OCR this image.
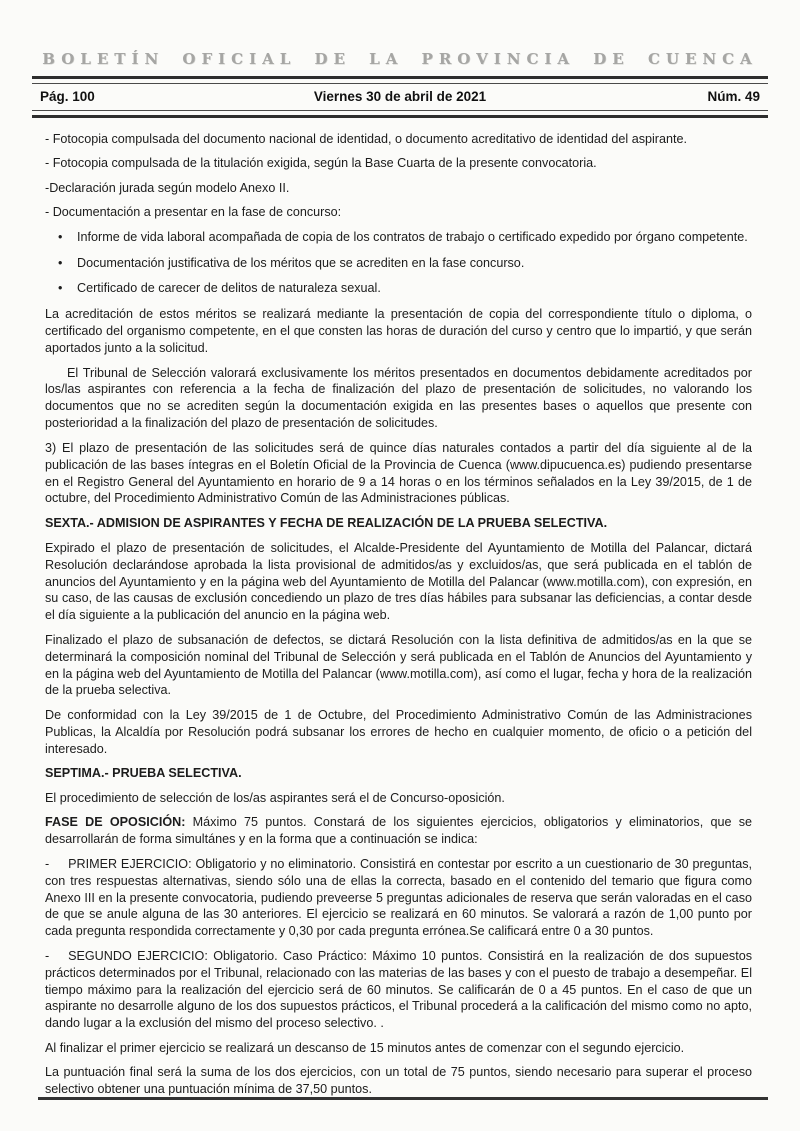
BOLETÍN OFICIAL DE LA PROVINCIA DE CUENCA
Pág. 100	Viernes 30 de abril de 2021	Núm. 49

- Fotocopia compulsada del documento nacional de identidad, o documento acreditativo de identidad del aspirante.

- Fotocopia compulsada de la titulación exigida, según la Base Cuarta de la presente convocatoria.

-Declaración jurada según modelo Anexo II.

- Documentación a presentar en la fase de concurso:

•	Informe de vida laboral acompañada de copia de los contratos de trabajo o certificado expedido por órgano competente.
•	Documentación justificativa de los méritos que se acrediten en la fase concurso.
•	Certificado de carecer de delitos de naturaleza sexual.

La acreditación de estos méritos se realizará mediante la presentación de copia del correspondiente título o diploma, o certificado del organismo competente, en el que consten las horas de duración del curso y centro que lo impartió, y que serán aportados junto a la solicitud.

El Tribunal de Selección valorará exclusivamente los méritos presentados en documentos debidamente acreditados por los/las aspirantes con referencia a la fecha de finalización del plazo de presentación de solicitudes, no valorando los documentos que no se acrediten según la documentación exigida en las presentes bases o aquellos que presente con posterioridad a la finalización del plazo de presentación de solicitudes.

3) El plazo de presentación de las solicitudes será de quince días naturales contados a partir del día siguiente al de la publicación de las bases íntegras en el Boletín Oficial de la Provincia de Cuenca (www.dipucuenca.es) pudiendo presentarse en el Registro General del Ayuntamiento en horario de 9 a 14 horas o en los términos señalados en la Ley 39/2015, de 1 de octubre, del Procedimiento Administrativo Común de las Administraciones públicas.

SEXTA.- ADMISION DE ASPIRANTES Y FECHA DE REALIZACIÓN DE LA PRUEBA SELECTIVA.

Expirado el plazo de presentación de solicitudes, el Alcalde-Presidente del Ayuntamiento de Motilla del Palancar, dictará Resolución declarándose aprobada la lista provisional de admitidos/as y excluidos/as, que será publicada en el tablón de anuncios del Ayuntamiento y en la página web del Ayuntamiento de Motilla del Palancar (www.motilla.com), con expresión, en su caso, de las causas de exclusión concediendo un plazo de tres días hábiles para subsanar las deficiencias, a contar desde el día siguiente a la publicación del anuncio en la página web.

Finalizado el plazo de subsanación de defectos, se dictará Resolución con la lista definitiva de admitidos/as en la que se determinará la composición nominal del Tribunal de Selección y será publicada en el Tablón de Anuncios del Ayuntamiento y en la página web del Ayuntamiento de Motilla del Palancar (www.motilla.com), así como el lugar, fecha y hora de la realización de la prueba selectiva.

De conformidad con la Ley 39/2015 de 1 de Octubre, del Procedimiento Administrativo Común de las Administraciones Publicas, la Alcaldía por Resolución podrá subsanar los errores de hecho en cualquier momento, de oficio o a petición del interesado.

SEPTIMA.- PRUEBA SELECTIVA.

El procedimiento de selección de los/as aspirantes será el de Concurso-oposición.

FASE DE OPOSICIÓN: Máximo 75 puntos. Constará de los siguientes ejercicios, obligatorios y eliminatorios, que se desarrollarán de forma simultánes y en la forma que a continuación se indica:

-  PRIMER EJERCICIO: Obligatorio y no eliminatorio. Consistirá en contestar por escrito a un cuestionario de 30 preguntas, con tres respuestas alternativas, siendo sólo una de ellas la correcta, basado en el contenido del temario que figura como Anexo III en la presente convocatoria, pudiendo preveerse 5 preguntas adicionales de reserva que serán valoradas en el caso de que se anule alguna de las 30 anteriores. El ejercicio se realizará en 60 minutos. Se valorará a razón de 1,00 punto por cada pregunta respondida correctamente y 0,30 por cada pregunta errónea.Se calificará entre 0 a 30 puntos.

-  SEGUNDO EJERCICIO: Obligatorio. Caso Práctico: Máximo 10 puntos. Consistirá en la realización de dos supuestos prácticos determinados por el Tribunal, relacionado con las materias de las bases y con el puesto de trabajo a desempeñar. El tiempo máximo para la realización del ejercicio será de 60 minutos. Se calificarán de 0 a 45 puntos. En el caso de que un aspirante no desarrolle alguno de los dos supuestos prácticos, el Tribunal procederá a la calificación del mismo como no apto, dando lugar a la exclusión del mismo del proceso selectivo. .

Al finalizar el primer ejercicio se realizará un descanso de 15 minutos antes de comenzar con el segundo ejercicio.

La puntuación final será la suma de los dos ejercicios, con un total de 75 puntos, siendo necesario para superar el proceso selectivo obtener una puntuación mínima de 37,50 puntos.
